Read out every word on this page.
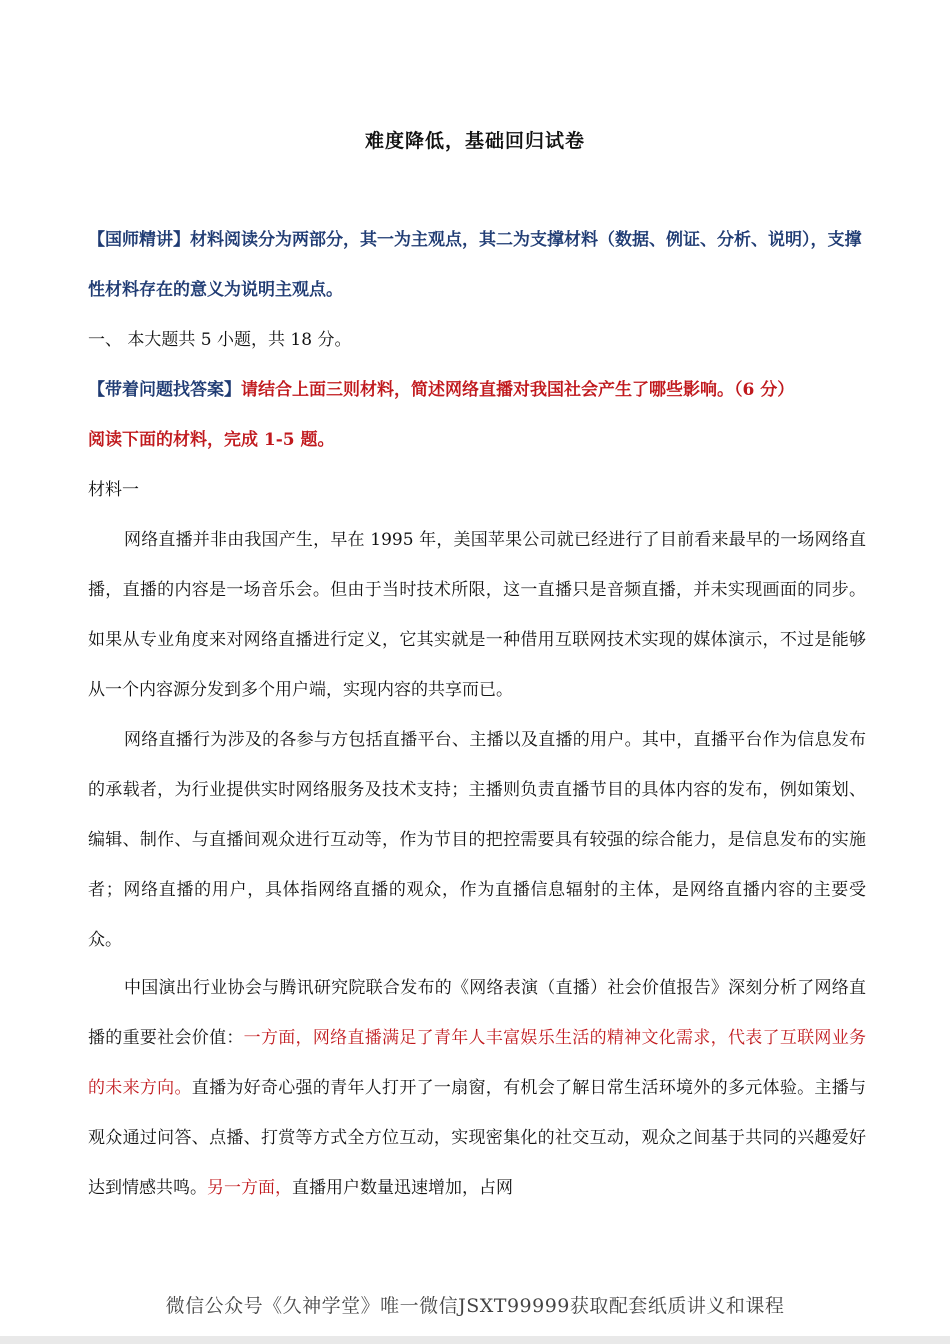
难度降低，基础回归试卷
【国师精讲】材料阅读分为两部分，其一为主观点，其二为支撑材料（数据、例证、分析、说明），支撑性材料存在的意义为说明主观点。
一、 本大题共 5 小题，共 18 分。
【带着问题找答案】请结合上面三则材料，简述网络直播对我国社会产生了哪些影响。（6 分）
阅读下面的材料，完成 1-5 题。
材料一
网络直播并非由我国产生，早在 1995 年，美国苹果公司就已经进行了目前看来最早的一场网络直播，直播的内容是一场音乐会。但由于当时技术所限，这一直播只是音频直播，并未实现画面的同步。如果从专业角度来对网络直播进行定义，它其实就是一种借用互联网技术实现的媒体演示，不过是能够从一个内容源分发到多个用户端，实现内容的共享而已。
网络直播行为涉及的各参与方包括直播平台、主播以及直播的用户。其中，直播平台作为信息发布的承载者，为行业提供实时网络服务及技术支持；主播则负责直播节目的具体内容的发布，例如策划、编辑、制作、与直播间观众进行互动等，作为节目的把控需要具有较强的综合能力，是信息发布的实施者；网络直播的用户，具体指网络直播的观众，作为直播信息辐射的主体，是网络直播内容的主要受众。
中国演出行业协会与腾讯研究院联合发布的《网络表演（直播）社会价值报告》深刻分析了网络直播的重要社会价值：一方面，网络直播满足了青年人丰富娱乐生活的精神文化需求，代表了互联网业务的未来方向。直播为好奇心强的青年人打开了一扇窗，有机会了解日常生活环境外的多元体验。主播与观众通过问答、点播、打赏等方式全方位互动，实现密集化的社交互动，观众之间基于共同的兴趣爱好达到情感共鸣。另一方面，直播用户数量迅速增加，占网
微信公众号《久神学堂》唯一微信JSXT99999获取配套纸质讲义和课程
